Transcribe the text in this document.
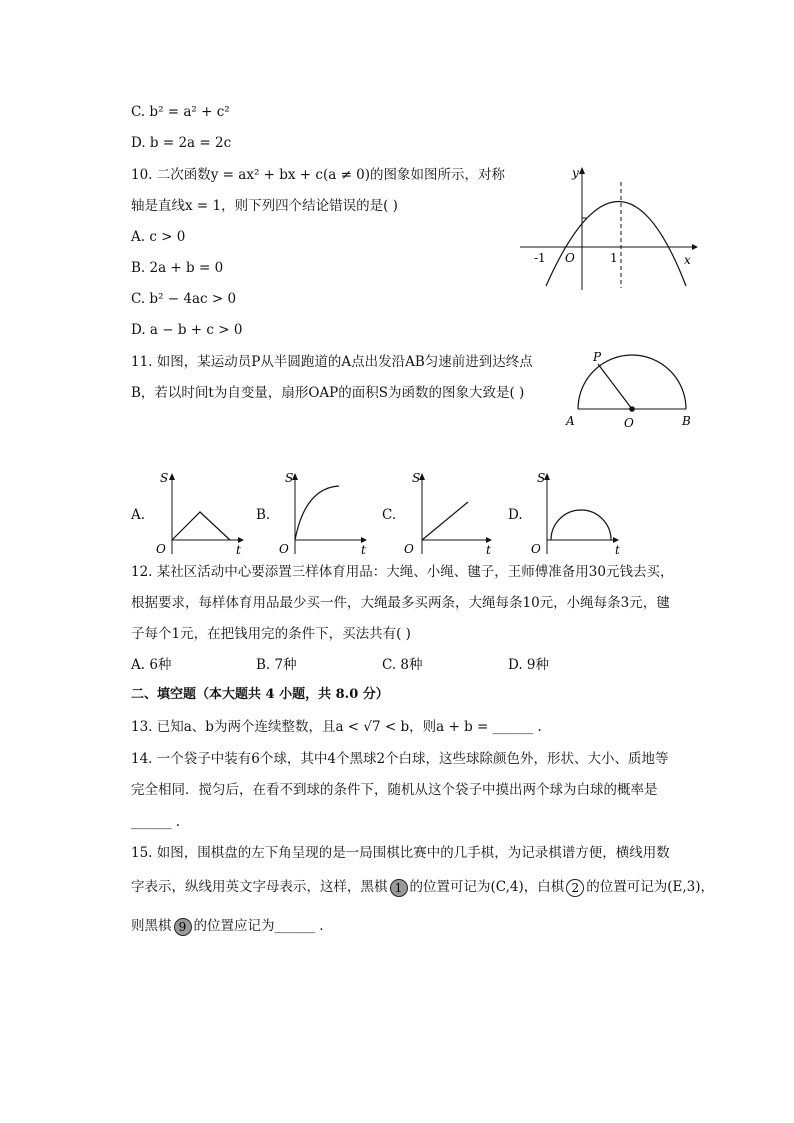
C. b² = a² + c²
D. b = 2a = 2c
10. 二次函数y = ax² + bx + c(a ≠ 0)的图象如图所示，对称
轴是直线x = 1，则下列四个结论错误的是( )
A. c > 0
B. 2a + b = 0
C. b² − 4ac > 0
D. a − b + c > 0
y
x
-1 O	1
11. 如图，某运动员P从半圆跑道的A点出发沿AB匀速前进到达终点
B，若以时间t为自变量，扇形OAP的面积S为函数的图象大致是( )
P
A	O	B
A.
S
O	t
B.
S
O	t
C.
S
O	t
D.
S
O	t
12. 某社区活动中心要添置三样体育用品：大绳、小绳、毽子，王师傅准备用30元钱去买，
根据要求，每样体育用品最少买一件，大绳最多买两条，大绳每条10元，小绳每条3元，毽
子每个1元，在把钱用完的条件下，买法共有( )
A. 6种	B. 7种	C. 8种	D. 9种
二、填空题（本大题共 4 小题，共 8.0 分）
13. 已知a、b为两个连续整数，且a < √7 < b，则a + b = ______ .
14. 一个袋子中装有6个球，其中4个黑球2个白球，这些球除颜色外，形状、大小、质地等
完全相同．搅匀后，在看不到球的条件下，随机从这个袋子中摸出两个球为白球的概率是
______ .
15. 如图，围棋盘的左下角呈现的是一局围棋比赛中的几手棋，为记录棋谱方便，横线用数
字表示，纵线用英文字母表示，这样，黑棋 1 的位置可记为(C,4)，白棋 2 的位置可记为(E,3)，
则黑棋 9 的位置应记为______ .
